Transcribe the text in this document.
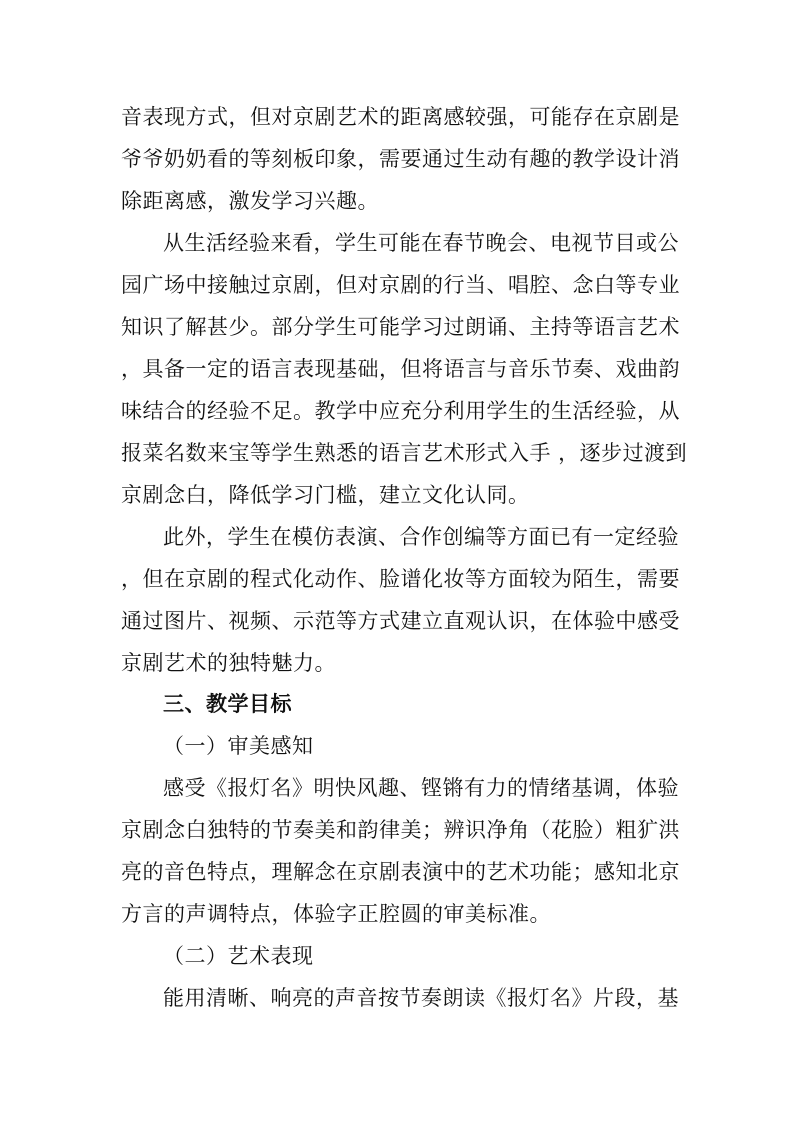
音表现方式，但对京剧艺术的距离感较强，可能存在京剧是
爷爷奶奶看的等刻板印象，需要通过生动有趣的教学设计消
除距离感，激发学习兴趣。
从生活经验来看，学生可能在春节晚会、电视节目或公
园广场中接触过京剧，但对京剧的行当、唱腔、念白等专业
知识了解甚少。部分学生可能学习过朗诵、主持等语言艺术
，具备一定的语言表现基础，但将语言与音乐节奏、戏曲韵
味结合的经验不足。教学中应充分利用学生的生活经验，从
报菜名数来宝等学生熟悉的语言艺术形式入手 ，逐步过渡到
京剧念白，降低学习门槛，建立文化认同。
此外，学生在模仿表演、合作创编等方面已有一定经验
，但在京剧的程式化动作、脸谱化妆等方面较为陌生，需要
通过图片、视频、示范等方式建立直观认识，在体验中感受
京剧艺术的独特魅力。
三、教学目标
（一）审美感知
感受《报灯名》明快风趣、铿锵有力的情绪基调，体验
京剧念白独特的节奏美和韵律美；辨识净角（花脸）粗犷洪
亮的音色特点，理解念在京剧表演中的艺术功能；感知北京
方言的声调特点，体验字正腔圆的审美标准。
（二）艺术表现
能用清晰、响亮的声音按节奏朗读《报灯名》片段，基
